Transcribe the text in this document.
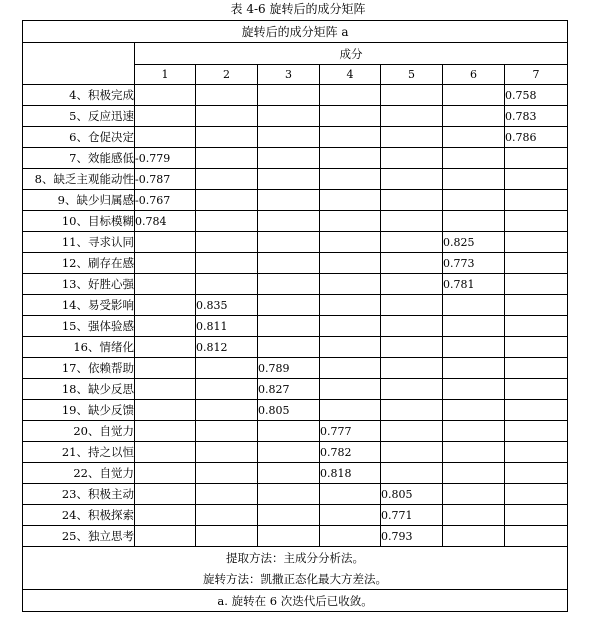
表 4-6 旋转后的成分矩阵
旋转后的成分矩阵 a							
	成分						
	1	2	3	4	5	6	7
4、积极完成							0.758
5、反应迅速							0.783
6、仓促决定							0.786
7、效能感低	-0.779						
8、缺乏主观能动性	-0.787						
9、缺少归属感	-0.767						
10、目标模糊	0.784						
11、寻求认同						0.825	
12、刷存在感						0.773	
13、好胜心强						0.781	
14、易受影响		0.835					
15、强体验感		0.811					
16、情绪化		0.812					
17、依赖帮助			0.789				
18、缺少反思			0.827				
19、缺少反馈			0.805				
20、自觉力				0.777			
21、持之以恒				0.782			
22、自觉力				0.818			
23、积极主动					0.805		
24、积极探索					0.771		
25、独立思考					0.793		
提取方法：主成分分析法。							
旋转方法：凯撒正态化最大方差法。							
a. 旋转在 6 次迭代后已收敛。							
